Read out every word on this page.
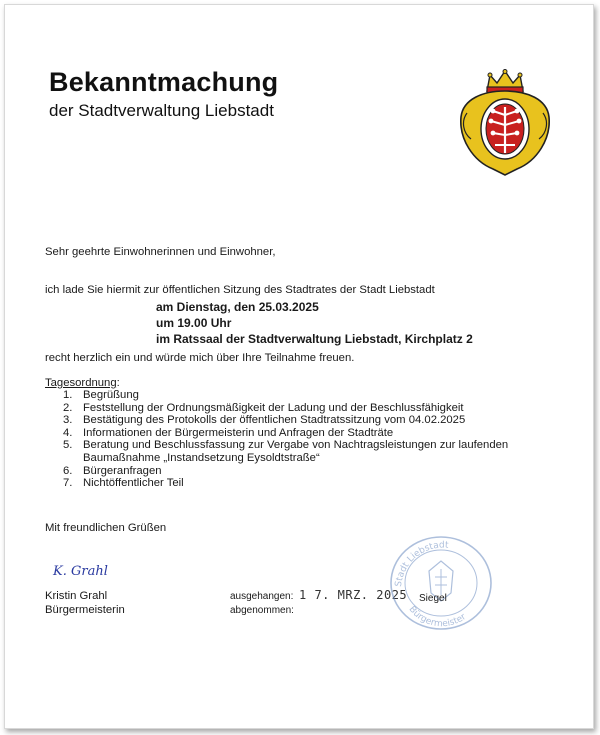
Bekanntmachung
der Stadtverwaltung Liebstadt
Sehr geehrte Einwohnerinnen und Einwohner,
ich lade Sie hiermit zur öffentlichen Sitzung des Stadtrates der Stadt Liebstadt
am Dienstag, den 25.03.2025
um 19.00 Uhr
im Ratssaal der Stadtverwaltung Liebstadt, Kirchplatz 2
recht herzlich ein und würde mich über Ihre Teilnahme freuen.
Tagesordnung:
1. Begrüßung
2. Feststellung der Ordnungsmäßigkeit der Ladung und der Beschlussfähigkeit
3. Bestätigung des Protokolls der öffentlichen Stadtratssitzung vom 04.02.2025
4. Informationen der Bürgermeisterin und Anfragen der Stadträte
5. Beratung und Beschlussfassung zur Vergabe von Nachtragsleistungen zur laufenden
Baumaßnahme „Instandsetzung Eysoldtstraße“
6. Bürgeranfragen
7. Nichtöffentlicher Teil
Mit freundlichen Grüßen
K. Grahl
Kristin Grahl
Bürgermeisterin
ausgehangen: 1 7. MRZ. 2025
abgenommen:
Stadt Liebstadt
Bürgermeister
Siegel
